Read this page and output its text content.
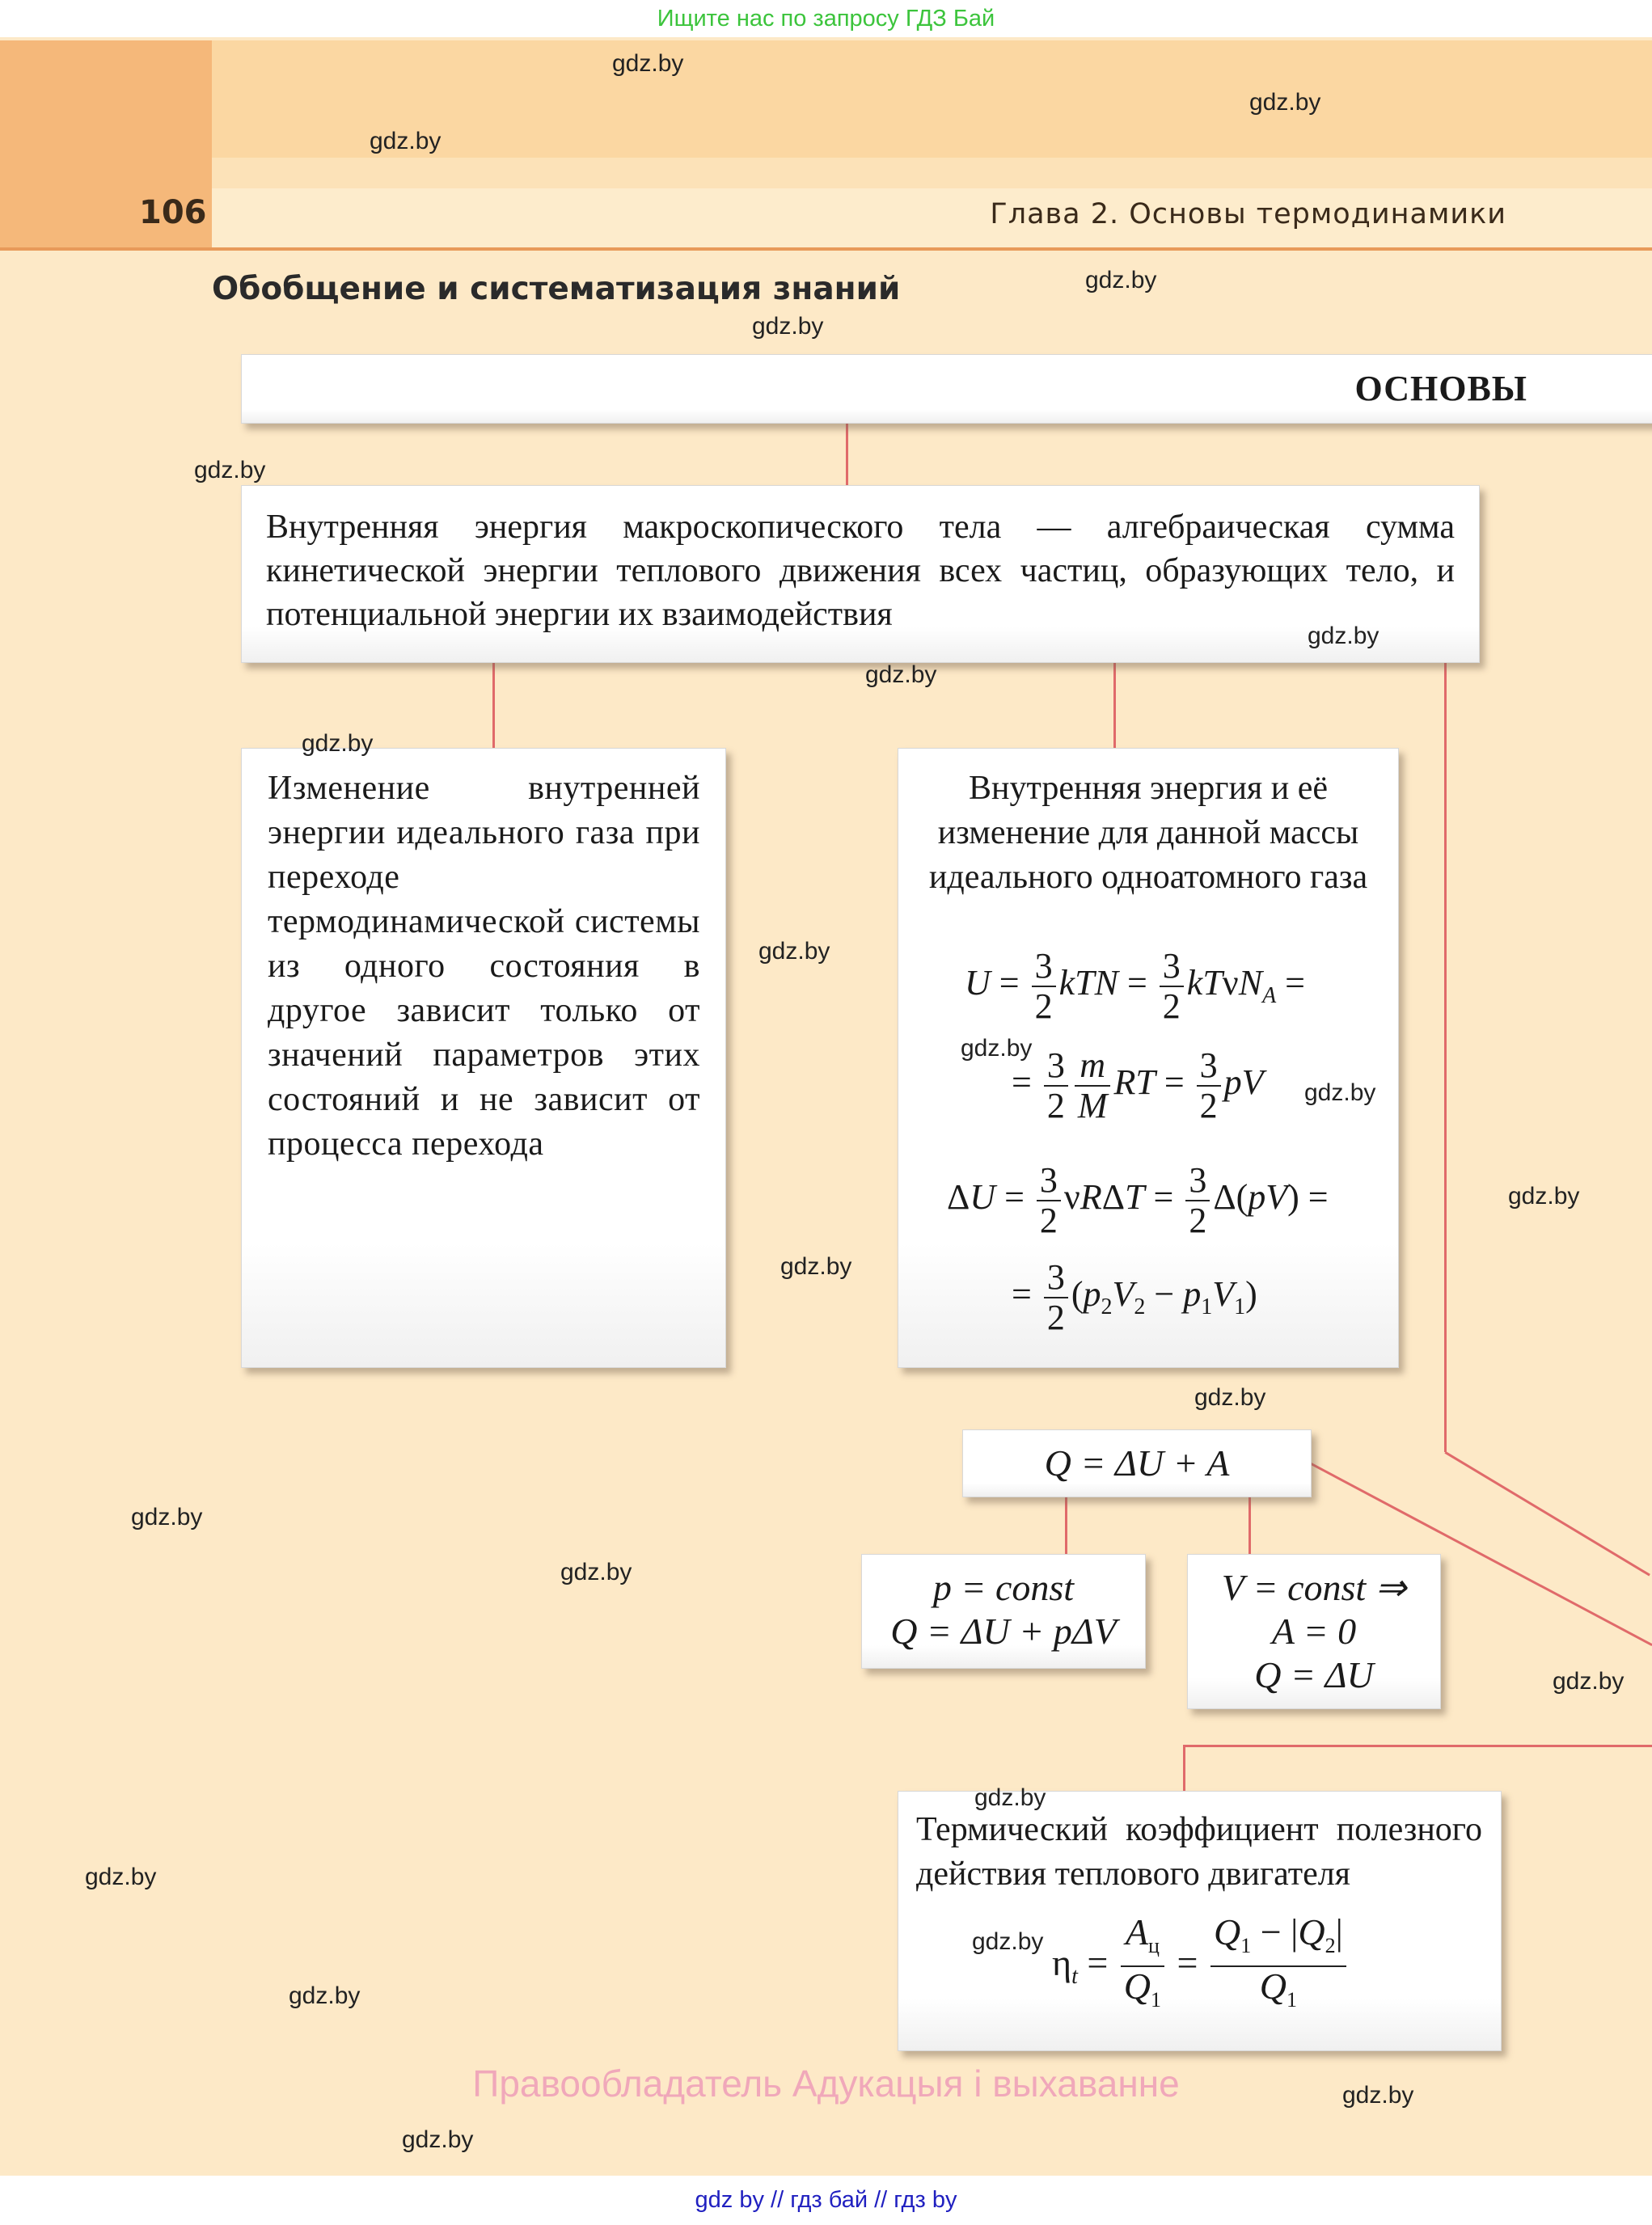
Ищите нас по запросу ГДЗ Бай
106	Глава 2. Основы термодинамики
Обобщение и систематизация знаний
ОСНОВЫ
Внутренняя энергия макроскопического тела — алгебраическая сумма кинетической энергии теплового движения всех частиц, образующих тело, и потенциальной энергии их взаимодействия
Изменение внутренней энергии идеального газа при переходе термодинамической системы из одного состояния в другое зависит только от значений параметров этих состояний и не зависит от процесса перехода
Внутренняя энергия и её изменение для данной массы идеального одноатомного газа
$U = \frac{3}{2}$ kTN = $\frac{3}{2} kT\nu N_A$ =
= $\frac{3}{2} \frac{m}{M}$ RT = $\frac{3}{2}$ pV
$\Delta U = \frac{3}{2}$ $\nu R\Delta T = \frac{3}{2} \Delta(pV)$ =
= $\frac{3}{2} (p_2V_2 - p_1V_1)$
Q = ΔU + A
p = const
Q = ΔU + pΔV
V = const ⇒
A = 0
Q = ΔU
Термический коэффициент полезного действия теплового двигателя
$\eta_t = \frac{A_ц}{Q_1} = \frac{Q_1 - |Q_2|}{Q_1}$
gdz.by
gdz.by
gdz.by
gdz.by
gdz.by
gdz.by
gdz.by
gdz.by
gdz.by
gdz.by
gdz.by
gdz.by
gdz.by
gdz.by
gdz.by
gdz.by
gdz.by
gdz.by
gdz.by
gdz.by
gdz.by
gdz.by
gdz.by
gdz.by
Правообладатель Адукацыя і выхаванне
gdz by // гдз бай // гдз by
